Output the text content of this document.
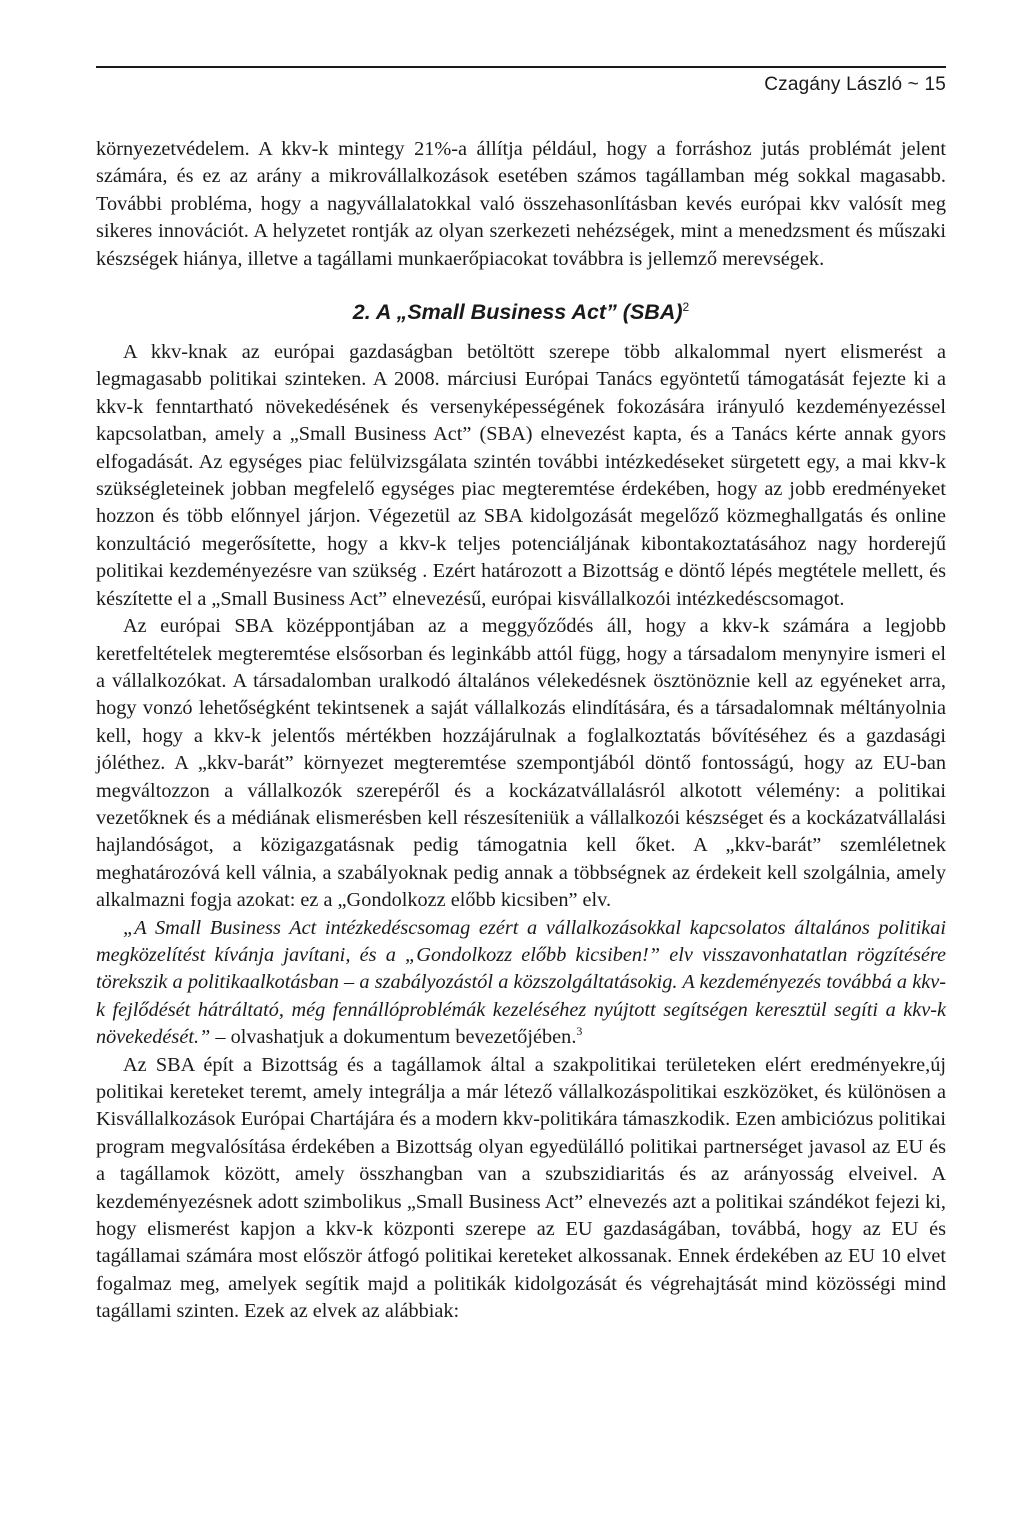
Czagány László ~ 15

környezetvédelem. A kkv-k mintegy 21%-a állítja például, hogy a forráshoz jutás problémát jelent számára, és ez az arány a mikrovállalkozások esetében számos tagállamban még sokkal magasabb. További probléma, hogy a nagyvállalatokkal való összehasonlításban kevés európai kkv valósít meg sikeres innovációt. A helyzetet rontják az olyan szerkezeti nehézségek, mint a menedzsment és műszaki készségek hiánya, illetve a tagállami munkaerőpiacokat továbbra is jellemző merevségek.

2. A „Small Business Act” (SBA)$^2$

A kkv-knak az európai gazdaságban betöltött szerepe több alkalommal nyert elismerést a legmagasabb politikai szinteken. A 2008. márciusi Európai Tanács egyöntetű támogatását fejezte ki a kkv-k fenntartható növekedésének és versenyképességének fokozására irányuló kezdeményezéssel kapcsolatban, amely a „Small Business Act” (SBA) elnevezést kapta, és a Tanács kérte annak gyors elfogadását. Az egységes piac felülvizsgálata szintén további intézkedéseket sürgetett egy, a mai kkv-k szükségleteinek jobban megfelelő egységes piac megteremtése érdekében, hogy az jobb eredményeket hozzon és több előnnyel járjon. Végezetül az SBA kidolgozását megelőző közmeghallgatás és online konzultáció megerősítette, hogy a kkv-k teljes potenciáljának kibontakoztatásához nagy horderejű politikai kezdeményezésre van szükség . Ezért határozott a Bizottság e döntő lépés megtétele mellett, és készítette el a „Small Business Act” elnevezésű, európai kisvállalkozói intézkedéscsomagot.

Az európai SBA középpontjában az a meggyőződés áll, hogy a kkv-k számára a legjobb keretfeltételek megteremtése elsősorban és leginkább attól függ, hogy a társadalom menynyire ismeri el a vállalkozókat. A társadalomban uralkodó általános vélekedésnek ösztönöznie kell az egyéneket arra, hogy vonzó lehetőségként tekintsenek a saját vállalkozás elindítására, és a társadalomnak méltányolnia kell, hogy a kkv-k jelentős mértékben hozzájárulnak a foglalkoztatás bővítéséhez és a gazdasági jóléthez. A „kkv-barát” környezet megteremtése szempontjából döntő fontosságú, hogy az EU-ban megváltozzon a vállalkozók szerepéről és a kockázatvállalásról alkotott vélemény: a politikai vezetőknek és a médiának elismerésben kell részesíteniük a vállalkozói készséget és a kockázatvállalási hajlandóságot, a közigazgatásnak pedig támogatnia kell őket. A „kkv-barát” szemléletnek meghatározóvá kell válnia, a szabályoknak pedig annak a többségnek az érdekeit kell szolgálnia, amely alkalmazni fogja azokat: ez a „Gondolkozz előbb kicsiben” elv.

„A Small Business Act intézkedéscsomag ezért a vállalkozásokkal kapcsolatos általános politikai megközelítést kívánja javítani, és a „Gondolkozz előbb kicsiben!” elv visszavonhatatlan rögzítésére törekszik a politikaalkotásban – a szabályozástól a közszolgáltatásokig. A kezdeményezés továbbá a kkv-k fejlődését hátráltató, még fennállóproblémák kezeléséhez nyújtott segítségen keresztül segíti a kkv-k növekedését.” – olvashatjuk a dokumentum bevezetőjében.$^3$

Az SBA épít a Bizottság és a tagállamok által a szakpolitikai területeken elért eredményekre,új politikai kereteket teremt, amely integrálja a már létező vállalkozáspolitikai eszközöket, és különösen a Kisvállalkozások Európai Chartájára és a modern kkv-politikára támaszkodik. Ezen ambiciózus politikai program megvalósítása érdekében a Bizottság olyan egyedülálló politikai partnerséget javasol az EU és a tagállamok között, amely összhangban van a szubszidiaritás és az arányosság elveivel. A kezdeményezésnek adott szimbolikus „Small Business Act” elnevezés azt a politikai szándékot fejezi ki, hogy elismerést kapjon a kkv-k központi szerepe az EU gazdaságában, továbbá, hogy az EU és tagállamai számára most először átfogó politikai kereteket alkossanak. Ennek érdekében az EU 10 elvet fogalmaz meg, amelyek segítik majd a politikák kidolgozását és végrehajtását mind közösségi mind tagállami szinten. Ezek az elvek az alábbiak:
